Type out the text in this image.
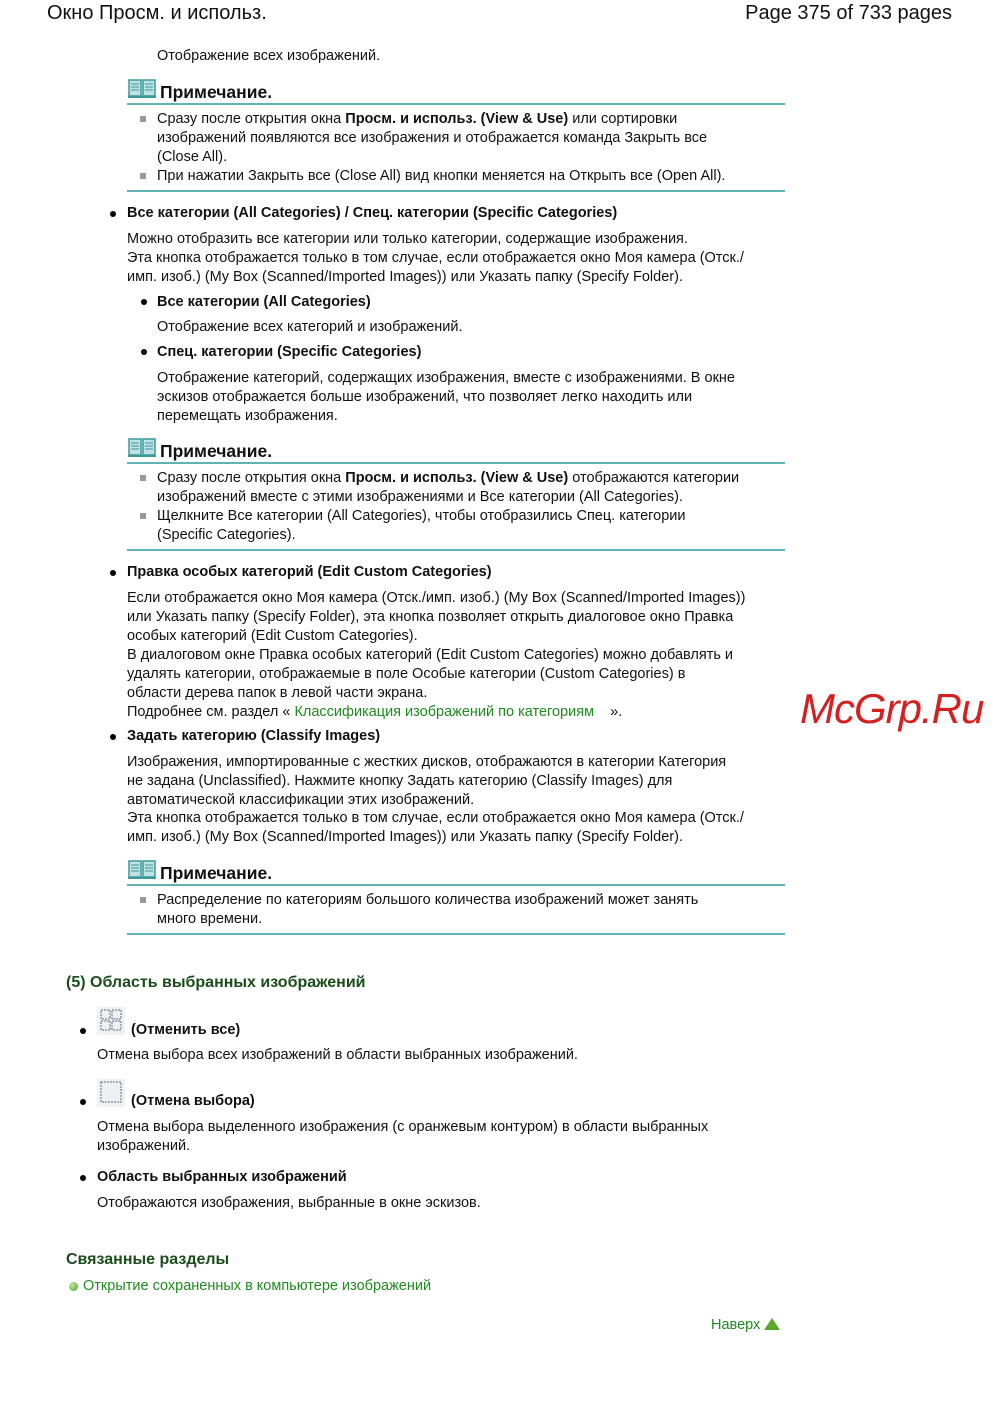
Окно Просм. и использ.	Page 375 of 733 pages
Отображение всех изображений.
Примечание.
Сразу после открытия окна Просм. и использ. (View & Use) или сортировки
изображений появляются все изображения и отображается команда Закрыть все
(Close All).
При нажатии Закрыть все (Close All) вид кнопки меняется на Открыть все (Open All).
Все категории (All Categories) / Спец. категории (Specific Categories)
Можно отобразить все категории или только категории, содержащие изображения.
Эта кнопка отображается только в том случае, если отображается окно Моя камера (Отск./
имп. изоб.) (My Box (Scanned/Imported Images)) или Указать папку (Specify Folder).
Все категории (All Categories)
Отображение всех категорий и изображений.
Спец. категории (Specific Categories)
Отображение категорий, содержащих изображения, вместе с изображениями. В окне
эскизов отображается больше изображений, что позволяет легко находить или
перемещать изображения.
Примечание.
Сразу после открытия окна Просм. и использ. (View & Use) отображаются категории
изображений вместе с этими изображениями и Все категории (All Categories).
Щелкните Все категории (All Categories), чтобы отобразились Спец. категории
(Specific Categories).
Правка особых категорий (Edit Custom Categories)
Если отображается окно Моя камера (Отск./имп. изоб.) (My Box (Scanned/Imported Images))
или Указать папку (Specify Folder), эта кнопка позволяет открыть диалоговое окно Правка
особых категорий (Edit Custom Categories).
В диалоговом окне Правка особых категорий (Edit Custom Categories) можно добавлять и
удалять категории, отображаемые в поле Особые категории (Custom Categories) в
области дерева папок в левой части экрана.
Подробнее см. раздел « Классификация изображений по категориям    ».	McGrp.Ru
Задать категорию (Classify Images)
Изображения, импортированные с жестких дисков, отображаются в категории Категория
не задана (Unclassified). Нажмите кнопку Задать категорию (Classify Images) для
автоматической классификации этих изображений.
Эта кнопка отображается только в том случае, если отображается окно Моя камера (Отск./
имп. изоб.) (My Box (Scanned/Imported Images)) или Указать папку (Specify Folder).
Примечание.
Распределение по категориям большого количества изображений может занять
много времени.
(5) Область выбранных изображений
(Отменить все)
Отмена выбора всех изображений в области выбранных изображений.
(Отмена выбора)
Отмена выбора выделенного изображения (с оранжевым контуром) в области выбранных
изображений.
Область выбранных изображений
Отображаются изображения, выбранные в окне эскизов.
Связанные разделы
Открытие сохраненных в компьютере изображений
Наверх
